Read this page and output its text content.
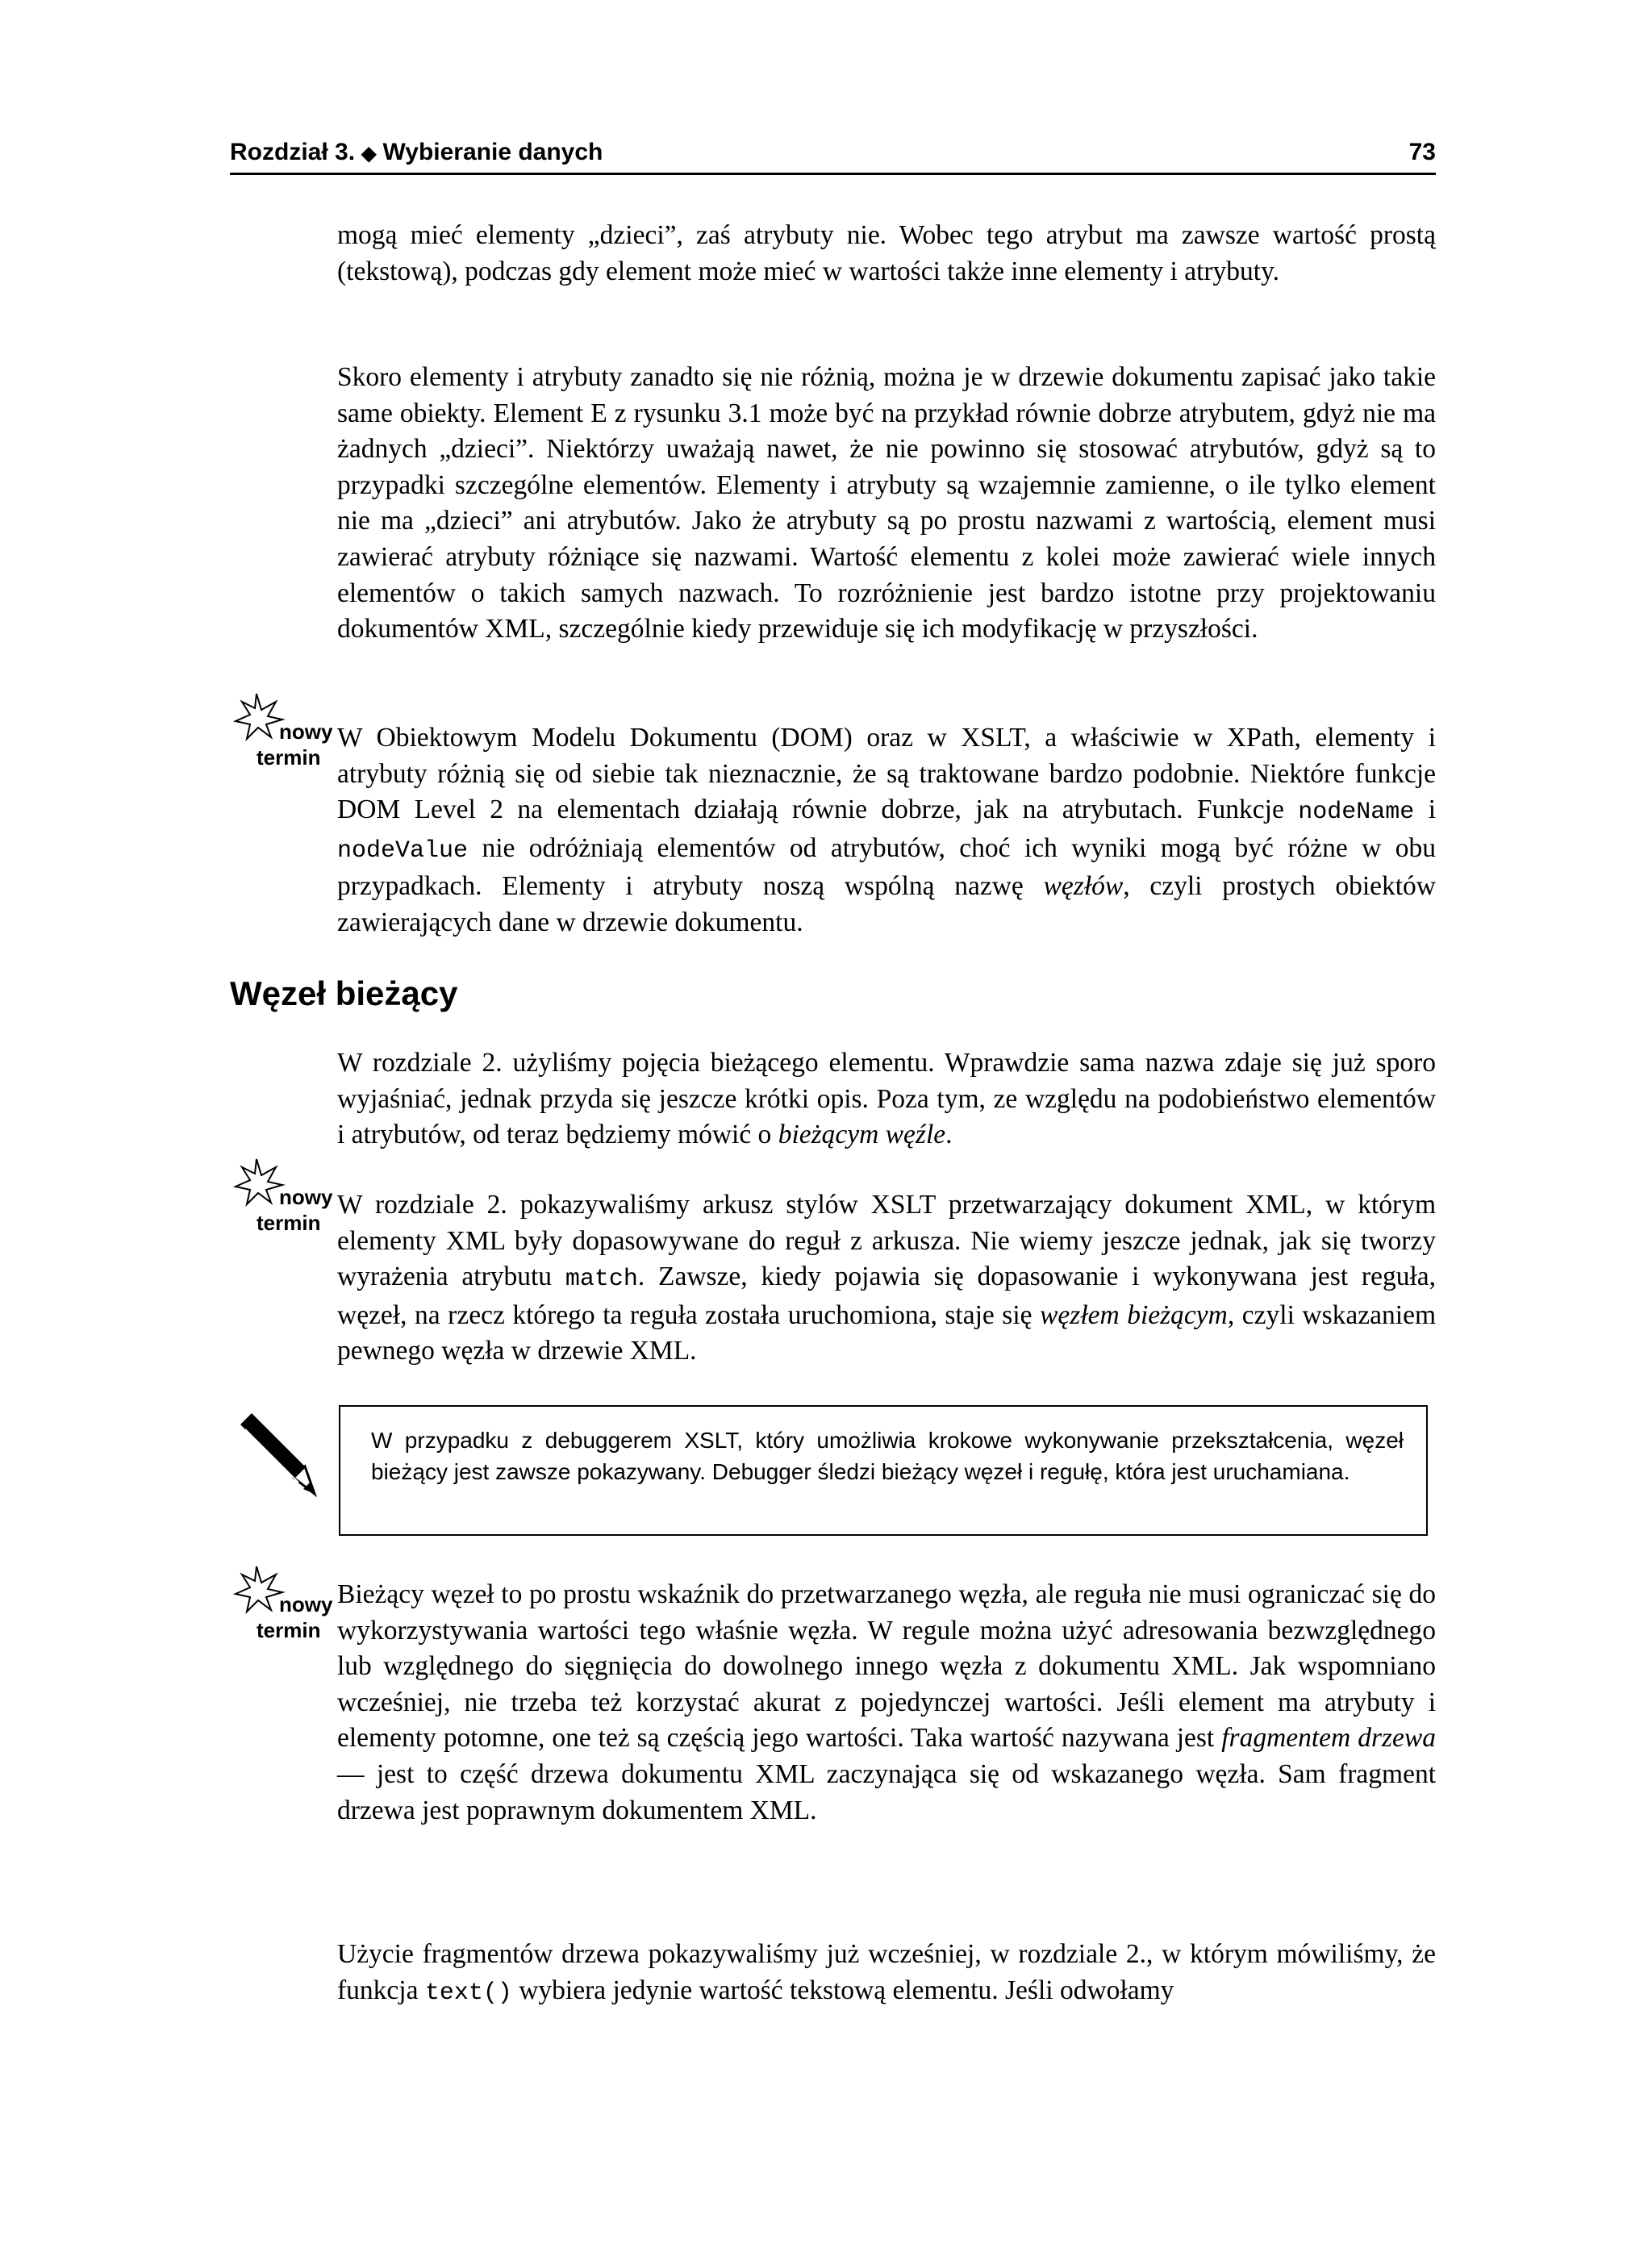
Rozdział 3. ◆ Wybieranie danych	73

mogą mieć elementy „dzieci”, zaś atrybuty nie. Wobec tego atrybut ma zawsze wartość prostą (tekstową), podczas gdy element może mieć w wartości także inne elementy i atrybuty.

Skoro elementy i atrybuty zanadto się nie różnią, można je w drzewie dokumentu zapisać jako takie same obiekty. Element E z rysunku 3.1 może być na przykład równie dobrze atrybutem, gdyż nie ma żadnych „dzieci”. Niektórzy uważają nawet, że nie powinno się stosować atrybutów, gdyż są to przypadki szczególne elementów. Elementy i atrybuty są wzajemnie zamienne, o ile tylko element nie ma „dzieci” ani atrybutów. Jako że atrybuty są po prostu nazwami z wartością, element musi zawierać atrybuty różniące się nazwami. Wartość elementu z kolei może zawierać wiele innych elementów o takich samych nazwach. To rozróżnienie jest bardzo istotne przy projektowaniu dokumentów XML, szczególnie kiedy przewiduje się ich modyfikację w przyszłości.

nowy
termin

W Obiektowym Modelu Dokumentu (DOM) oraz w XSLT, a właściwie w XPath, elementy i atrybuty różnią się od siebie tak nieznacznie, że są traktowane bardzo podobnie. Niektóre funkcje DOM Level 2 na elementach działają równie dobrze, jak na atrybutach. Funkcje nodeName i nodeValue nie odróżniają elementów od atrybutów, choć ich wyniki mogą być różne w obu przypadkach. Elementy i atrybuty noszą wspólną nazwę węzłów, czyli prostych obiektów zawierających dane w drzewie dokumentu.

Węzeł bieżący

W rozdziale 2. użyliśmy pojęcia bieżącego elementu. Wprawdzie sama nazwa zdaje się już sporo wyjaśniać, jednak przyda się jeszcze krótki opis. Poza tym, ze względu na podobieństwo elementów i atrybutów, od teraz będziemy mówić o bieżącym węźle.

nowy
termin

W rozdziale 2. pokazywaliśmy arkusz stylów XSLT przetwarzający dokument XML, w którym elementy XML były dopasowywane do reguł z arkusza. Nie wiemy jeszcze jednak, jak się tworzy wyrażenia atrybutu match. Zawsze, kiedy pojawia się dopasowanie i wykonywana jest reguła, węzeł, na rzecz którego ta reguła została uruchomiona, staje się węzłem bieżącym, czyli wskazaniem pewnego węzła w drzewie XML.

W przypadku z debuggerem XSLT, który umożliwia krokowe wykonywanie przekształcenia, węzeł bieżący jest zawsze pokazywany. Debugger śledzi bieżący węzeł i regułę, która jest uruchamiana.
nowy
termin

Bieżący węzeł to po prostu wskaźnik do przetwarzanego węzła, ale reguła nie musi ograniczać się do wykorzystywania wartości tego właśnie węzła. W regule można użyć adresowania bezwzględnego lub względnego do sięgnięcia do dowolnego innego węzła z dokumentu XML. Jak wspomniano wcześniej, nie trzeba też korzystać akurat z pojedynczej wartości. Jeśli element ma atrybuty i elementy potomne, one też są częścią jego wartości. Taka wartość nazywana jest fragmentem drzewa — jest to część drzewa dokumentu XML zaczynająca się od wskazanego węzła. Sam fragment drzewa jest poprawnym dokumentem XML.

Użycie fragmentów drzewa pokazywaliśmy już wcześniej, w rozdziale 2., w którym mówiliśmy, że funkcja text() wybiera jedynie wartość tekstową elementu. Jeśli odwołamy
